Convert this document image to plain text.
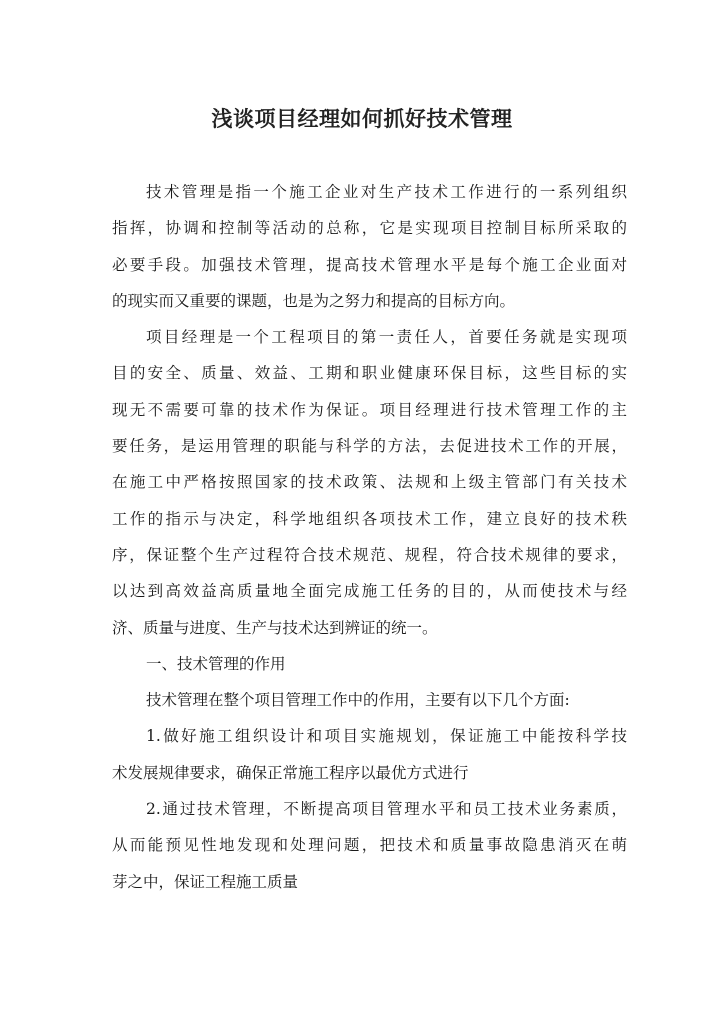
浅谈项目经理如何抓好技术管理
技术管理是指一个施工企业对生产技术工作进行的一系列组织
指挥，协调和控制等活动的总称，它是实现项目控制目标所采取的
必要手段。加强技术管理，提高技术管理水平是每个施工企业面对
的现实而又重要的课题，也是为之努力和提高的目标方向。
项目经理是一个工程项目的第一责任人，首要任务就是实现项
目的安全、质量、效益、工期和职业健康环保目标，这些目标的实
现无不需要可靠的技术作为保证。项目经理进行技术管理工作的主
要任务，是运用管理的职能与科学的方法，去促进技术工作的开展，
在施工中严格按照国家的技术政策、法规和上级主管部门有关技术
工作的指示与决定，科学地组织各项技术工作，建立良好的技术秩
序，保证整个生产过程符合技术规范、规程，符合技术规律的要求，
以达到高效益高质量地全面完成施工任务的目的，从而使技术与经
济、质量与进度、生产与技术达到辨证的统一。
一、技术管理的作用
技术管理在整个项目管理工作中的作用，主要有以下几个方面:
1.做好施工组织设计和项目实施规划，保证施工中能按科学技
术发展规律要求，确保正常施工程序以最优方式进行
2.通过技术管理，不断提高项目管理水平和员工技术业务素质，
从而能预见性地发现和处理问题，把技术和质量事故隐患消灭在萌
芽之中，保证工程施工质量
